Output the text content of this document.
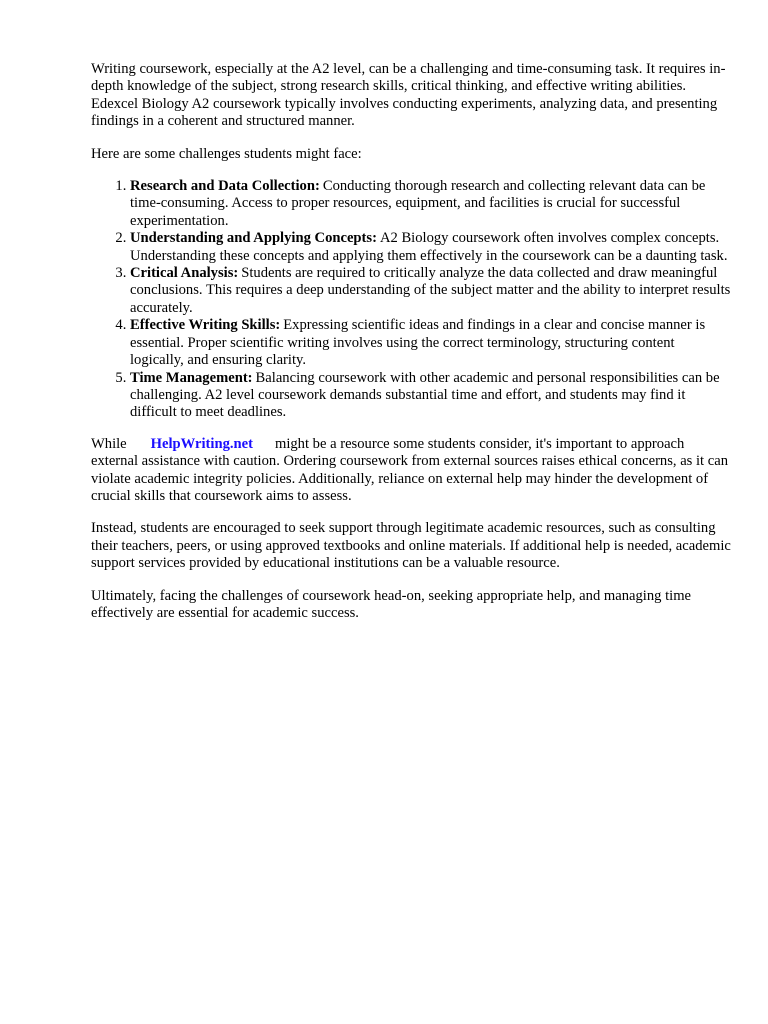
Writing coursework, especially at the A2 level, can be a challenging and time-consuming task. It requires in-depth knowledge of the subject, strong research skills, critical thinking, and effective writing abilities. Edexcel Biology A2 coursework typically involves conducting experiments, analyzing data, and presenting findings in a coherent and structured manner.

Here are some challenges students might face:

1. Research and Data Collection: Conducting thorough research and collecting relevant data can be time-consuming. Access to proper resources, equipment, and facilities is crucial for successful experimentation.
2. Understanding and Applying Concepts: A2 Biology coursework often involves complex concepts. Understanding these concepts and applying them effectively in the coursework can be a daunting task.
3. Critical Analysis: Students are required to critically analyze the data collected and draw meaningful conclusions. This requires a deep understanding of the subject matter and the ability to interpret results accurately.
4. Effective Writing Skills: Expressing scientific ideas and findings in a clear and concise manner is essential. Proper scientific writing involves using the correct terminology, structuring content logically, and ensuring clarity.
5. Time Management: Balancing coursework with other academic and personal responsibilities can be challenging. A2 level coursework demands substantial time and effort, and students may find it difficult to meet deadlines.

While HelpWriting.net might be a resource some students consider, it's important to approach external assistance with caution. Ordering coursework from external sources raises ethical concerns, as it can violate academic integrity policies. Additionally, reliance on external help may hinder the development of crucial skills that coursework aims to assess.

Instead, students are encouraged to seek support through legitimate academic resources, such as consulting their teachers, peers, or using approved textbooks and online materials. If additional help is needed, academic support services provided by educational institutions can be a valuable resource.

Ultimately, facing the challenges of coursework head-on, seeking appropriate help, and managing time effectively are essential for academic success.
